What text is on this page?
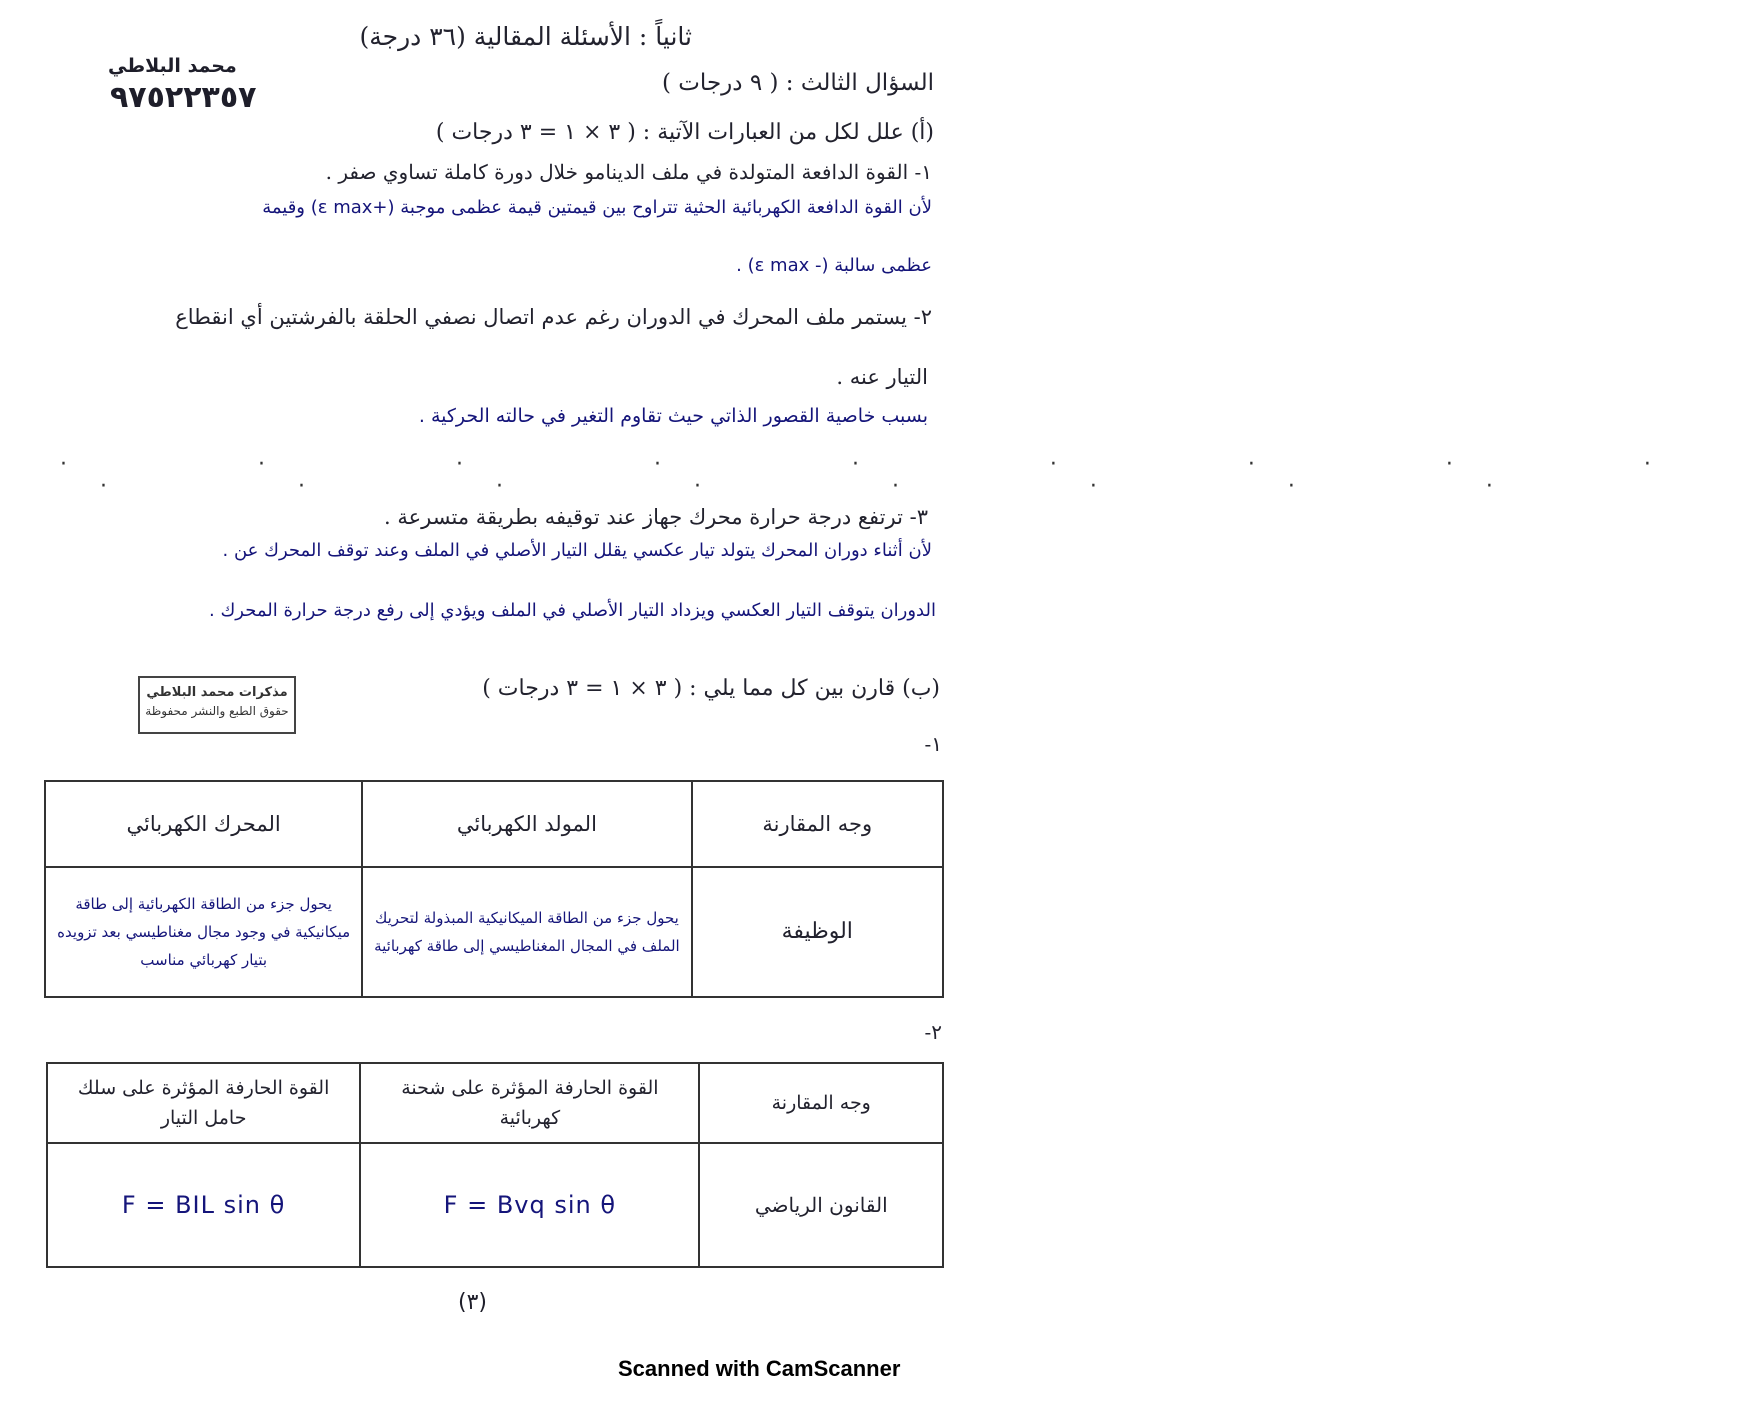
ثانياً : الأسئلة المقالية (٣٦ درجة)
محمد البلاطي
٩٧٥٢٢٣٥٧	السؤال الثالث : ( ٩ درجات )
(أ) علل لكل من العبارات الآتية : ( ٣ × ١ = ٣ درجات )
١- القوة الدافعة المتولدة في ملف الدينامو خلال دورة كاملة تساوي صفر .
لأن القوة الدافعة الكهربائية الحثية تتراوح بين قيمتين قيمة عظمى موجبة (+ε max) وقيمة
عظمى سالبة (- ε max) .
٢- يستمر ملف المحرك في الدوران رغم عدم اتصال نصفي الحلقة بالفرشتين أي انقطاع
التيار عنه .
بسبب خاصية القصور الذاتي حيث تقاوم التغير في حالته الحركية .
· · · · · · · · ·
· · · · · · · ·
٣- ترتفع درجة حرارة محرك جهاز عند توقيفه بطريقة متسرعة .
لأن أثناء دوران المحرك يتولد تيار عكسي يقلل التيار الأصلي في الملف وعند توقف المحرك عن .
الدوران يتوقف التيار العكسي ويزداد التيار الأصلي في الملف ويؤدي إلى رفع درجة حرارة المحرك .
مذكرات محمد البلاطي
حقوق الطبع والنشر محفوظة
(ب) قارن بين كل مما يلي : ( ٣ × ١ = ٣ درجات )
١-
وجه المقارنة	المولد الكهربائي	المحرك الكهربائي
الوظيفة	يحول جزء من الطاقة الميكانيكية المبذولة لتحريك الملف في المجال المغناطيسي إلى طاقة كهربائية	يحول جزء من الطاقة الكهربائية إلى طاقة ميكانيكية في وجود مجال مغناطيسي بعد تزويده بتيار كهربائي مناسب
٢-
وجه المقارنة	القوة الحارفة المؤثرة على شحنة كهربائية	القوة الحارفة المؤثرة على سلك حامل التيار
القانون الرياضي	F = Bvq sin θ	F = BIL sin θ
(٣)
Scanned with CamScanner
